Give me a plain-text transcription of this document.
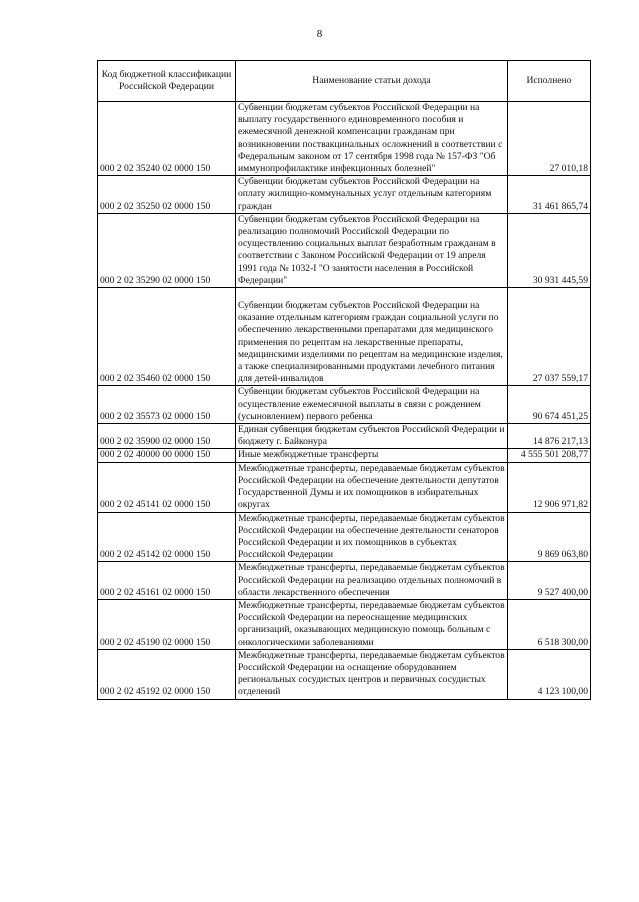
8
Код бюджетной классификации Российской Федерации	Наименование статьи дохода	Исполнено
000 2 02 35240 02 0000 150	Субвенции бюджетам субъектов Российской Федерации на выплату государственного единовременного пособия и ежемесячной денежной компенсации гражданам при возникновении поствакцинальных осложнений в соответствии с Федеральным законом от 17 сентября 1998 года № 157-ФЗ "Об иммунопрофилактике инфекционных болезней"	27 010,18
000 2 02 35250 02 0000 150	Субвенции бюджетам субъектов Российской Федерации на оплату жилищно-коммунальных услуг отдельным категориям граждан	31 461 865,74
000 2 02 35290 02 0000 150	Субвенции бюджетам субъектов Российской Федерации на реализацию полномочий Российской Федерации по осуществлению социальных выплат безработным гражданам в соответствии с Законом Российской Федерации от 19 апреля 1991 года № 1032-I "О занятости населения в Российской Федерации"	30 931 445,59
000 2 02 35460 02 0000 150	Субвенции бюджетам субъектов Российской Федерации на оказание отдельным категориям граждан социальной услуги по обеспечению лекарственными препаратами для медицинского применения по рецептам на лекарственные препараты, медицинскими изделиями по рецептам на медицинские изделия, а также специализированными продуктами лечебного питания для детей-инвалидов	27 037 559,17
000 2 02 35573 02 0000 150	Субвенции бюджетам субъектов Российской Федерации на осуществление ежемесячной выплаты в связи с рождением (усыновлением) первого ребенка	90 674 451,25
000 2 02 35900 02 0000 150	Единая субвенция бюджетам субъектов Российской Федерации и бюджету г. Байконура	14 876 217,13
000 2 02 40000 00 0000 150	Иные межбюджетные трансферты	4 555 501 208,77
000 2 02 45141 02 0000 150	Межбюджетные трансферты, передаваемые бюджетам субъектов Российской Федерации на обеспечение деятельности депутатов Государственной Думы и их помощников в избирательных округах	12 906 971,82
000 2 02 45142 02 0000 150	Межбюджетные трансферты, передаваемые бюджетам субъектов Российской Федерации на обеспечение деятельности сенаторов Российской Федерации и их помощников в субъектах Российской Федерации	9 869 063,80
000 2 02 45161 02 0000 150	Межбюджетные трансферты, передаваемые бюджетам субъектов Российской Федерации на реализацию отдельных полномочий в области лекарственного обеспечения	9 527 400,00
000 2 02 45190 02 0000 150	Межбюджетные трансферты, передаваемые бюджетам субъектов Российской Федерации на переоснащение медицинских организаций, оказывающих медицинскую помощь больным с онкологическими заболеваниями	6 518 300,00
000 2 02 45192 02 0000 150	Межбюджетные трансферты, передаваемые бюджетам субъектов Российской Федерации на оснащение оборудованием региональных сосудистых центров и первичных сосудистых отделений	4 123 100,00
